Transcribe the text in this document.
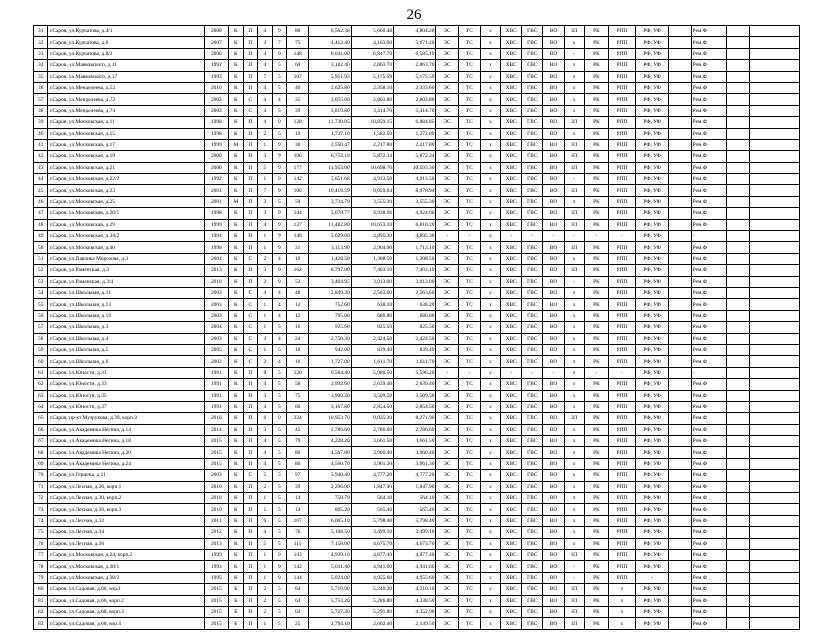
26
31	г.Саров, ул.Курчатова, д.4/1	2008	К	П	4	9	80	6,562.38	5,660.48	4,804.28	ЭС	ТС	х	ХВС	ГВС	ВО	ЗЛ	РК	РПП	РФ, УФ		Рем.Ф		
32	г.Саров, ул.Курчатова, д.6	2007	К	П	3	7	75	4,412.40	4,163.00	3,671.40	ЭС	ТС	х	ХВС	ГВС	ВО	х	РК	РПП	РФ, УФ		Рем.Ф		
33	г.Саров, ул.Курчатова, д.8/2	2008	К	П	4	9	148	8,041.00	6,847.70	6,585.10	ЭС	ТС	х	ХВС	ГВС	ВО	-	РК	РПП	РФ, УФ		Рем.Ф		
34	г.Саров, ул.Маяковского, д.11	1992	К	П	4	5	60	3,182.40	2,863.70	2,863.70	ЭС	ТС	х	ХВС	ГВС	ВО	х	РК	РПП	РФ, УФ		Рем.Ф		
35	г.Саров, ул.Маяковского, д.17	1993	К	П	7	5	107	5,951.93	5,175.59	5,175.59	ЭС	ТС	х	ХВС	ГВС	ВО	х	РК	РПП	РФ, УФ		Рем.Ф		
36	г.Саров, ул.Менделеева, д.52	2010	К	П	4	5	40	2,625.80	2,358.10	2,333.60	ЭС	ТС	х	ХВС	ГВС	ВО	х	РК	РПП	РФ, УФ		Рем.Ф		
37	г.Саров, ул.Менделеева, д.72	2002	К	С	4	4	35	3,055.60	2,803.80	2,803.80	ЭС	ТС	х	ХВС	ГВС	ВО	х	РК	РПП	РФ, УФ		Рем.Ф		
38	г.Саров, ул.Менделеева, д.74	2003	К	С	4	5	39	3,819.80	3,414.70	3,414.70	ЭС	ТС	х	ХВС	ГВС	ВО	х	РК	РПП	РФ, УФ		Рем.Ф		
39	г.Саров, ул.Московская, д.11	1998	К	П	4	9	128	11,730.05	10,859.15	6,884.85	ЭС	ТС	х	ХВС	ГВС	ВО	ЗЛ	РК	РПП	РФ, УФ		Рем.Ф		
40	г.Саров, ул.Московская, д.15	1998	К	П	2	5	19	1,737.10	1,582.50	1,272.80	ЭС	ТС	х	ХВС	ГВС	ВО	х	РК	РПП	РФ, УФ		Рем.Ф		
41	г.Саров, ул.Московская, д.17	1999	М	П	1	9	36	2,550.47	2,217.80	2,217.80	ЭС	ТС	х	ХВС	ГВС	ВО	ЗЛ	РК	РПП	РФ, УФ		Рем.Ф		
42	г.Саров, ул.Московская, д.19	2000	К	П	3	9	106	6,753.19	5,872.34	5,872.34	ЭС	ТС	х	ХВС	ГВС	ВО	ЗЛ	РК	РПП	РФ, УФ		Рем.Ф		
43	г.Саров, ул.Московская, д.21	2000	К	П	5	9	177	11,953.00	10,698.70	10,593.30	ЭС	ТС	х	ХВС	ГВС	ВО	ЗЛ	РК	РПП	РФ, УФ		Рем.Ф		
44	г.Саров, ул.Московская, д.22/2	1992	К	П	1	9	142	5,651.68	4,913.50	4,913.50	ЭС	ТС	х	ХВС	ГВС	ВО	-	РК	РПП	РФ, УФ		Рем.Ф		
45	г.Саров, ул.Московская, д.23	2001	К	П	7	9	106	10,418.59	9,059.64	8,978.94	ЭС	ТС	х	ХВС	ГВС	ВО	ЗЛ	РК	РПП	РФ, УФ		Рем.Ф		
46	г.Саров, ул.Московская, д.25	2001	М	П	3	5	59	3,734.70	3,555.30	3,555.30	ЭС	ТС	х	ХВС	ГВС	ВО	х	РК	РПП	РФ, УФ		Рем.Ф		
47	г.Саров, ул.Московская, д.26/1	1998	К	П	3	9	144	5,678.77	4,938.06	4,924.06	ЭС	ТС	х	ХВС	ГВС	ВО	ЗЛ	РК	РПП	РФ, УФ		Рем.Ф		
48	г.Саров, ул.Московская, д.29	1999	К	П	4	9	127	11,482.80	10,653.10	6,810.20	ЭС	ТС	х	ХВС	ГВС	ВО	ЗЛ	РК	РПП	РФ, УФ		Рем.Ф		
49	г.Саров, ул.Московская, д.34/2	1994	К	П	1	9	148	5,629.60	4,895.30	4,895.30	-	-	х	-	-	-	-	-	-	РФ, УФ		-		
50	г.Саров, ул.Московская, д.40	1998	К	П	1	9	31	3,113.90	2,904.90	1,713.10	ЭС	ТС	х	ХВС	ГВС	ВО	ЗЛ	РК	РПП	РФ, УФ		Рем.Ф		
51	г.Саров, ул.Павлика Морозова, д.3	2004	К	С	2	4	19	1,428.50	1,308.50	1,308.50	ЭС	ТС	х	ХВС	ГВС	ВО	х	РК	РПП	РФ, УФ		Рем.Ф		
52	г.Саров, ул.Раменская, д.3	2013	К	П	3	9	162	8,797.80	7,403.10	7,403.10	ЭС	ТС	х	ХВС	ГВС	ВО	ЗЛ	РК	РПП	РФ, УФ		Рем.Ф		
53	г.Саров, ул.Раменская, д.3/4	2010	К	П	2	9	52	3,464.95	3,013.00	3,013.00	ЭС	ТС	х	ХВС	ГВС	ВО	-	РК	РПП	РФ, УФ		Рем.Ф		
54	г.Саров, ул.Школьная, д.11	2003	К	С	4	4	48	2,849.20	2,563.60	2,563.60	ЭС	ТС	х	ХВС	ГВС	ВО	х	РК	РПП	РФ, УФ		Рем.Ф		
55	г.Саров, ул.Школьная, д.13	2003	К	С	1	4	12	752.60	638.20	638.20	ЭС	ТС	х	ХВС	ГВС	ВО	х	РК	РПП	РФ, УФ		Рем.Ф		
56	г.Саров, ул.Школьная, д.19	2003	К	С	1	4	12	795.00	680.80	680.80	ЭС	ТС	х	ХВС	ГВС	ВО	х	РК	РПП	РФ, УФ		Рем.Ф		
57	г.Саров, ул.Школьная, д.3	2004	К	С	1	5	16	925.60	825.50	825.50	ЭС	ТС	х	ХВС	ГВС	ВО	х	РК	РПП	РФ, УФ		Рем.Ф		
58	г.Саров, ул.Школьная, д.4	2003	К	С	3	4	24	2,750.30	2,424.50	2,424.50	ЭС	ТС	х	ХВС	ГВС	ВО	х	РК	РПП	РФ, УФ		Рем.Ф		
59	г.Саров, ул.Школьная, д.5	2005	К	С	1	5	16	942.00	839.40	839.40	ЭС	ТС	х	ХВС	ГВС	ВО	х	РК	РПП	РФ, УФ		Рем.Ф		
60	г.Саров, ул.Школьная, д.6	2002	К	С	2	4	16	1,727.00	1,611.70	1,611.70	ЭС	ТС	х	ХВС	ГВС	ВО	х	РК	РПП	РФ, УФ		Рем.Ф		
61	г.Саров, ул.Юности, д.31	1991	К	П	8	5	120	6,564.40	5,980.50	5,596.20	-	-	х	-	-	-	х	-	-	РФ, УФ		-		
62	г.Саров, ул.Юности, д.33	1991	К	П	4	5	58	2,932.60	2,639.40	2,639.40	ЭС	ТС	х	ХВС	ГВС	ВО	х	РК	РПП	РФ, УФ		Рем.Ф		
63	г.Саров, ул.Юности, д.35	1991	К	П	3	5	75	3,900.20	3,509.50	3,509.50	ЭС	ТС	х	ХВС	ГВС	ВО	х	РК	РПП	РФ, УФ		Рем.Ф		
64	г.Саров, ул.Юности, д.37	1991	К	П	4	5	60	3,167.80	2,854.50	2,854.50	ЭС	ТС	х	ХВС	ГВС	ВО	х	РК	РПП	РФ, УФ		Рем.Ф		
65	г.Саров, пр-кт Музрукова, д.39, корп.3	2016	К	П	6	9	224	10,953.70	9,035.20	8,271.90	ЭС	ТС	х	ХВС	ГВС	ВО	ЗЛ	РК	РПП	РФ, УФ		Рем.Ф		
66	г.Саров, ул.Академика Негина, д.14	2014	К	П	3	5	45	2,786.60	2,786.60	2,786.60	ЭС	ТС	х	ХВС	ГВС	ВО	х	РК	РПП	РФ, УФ		Рем.Ф		
67	г.Саров, ул.Академика Негина, д.18	2015	К	П	4	5	70	4,228.20	3,661.50	3,661.50	ЭС	ТС	х	ХВС	ГВС	ВО	х	РК	РПП	РФ, УФ		Рем.Ф		
68	г.Саров, ул.Академика Негина, д.20	2015	К	П	4	5	80	4,567.80	3,960.40	3,960.40	ЭС	ТС	х	ХВС	ГВС	ВО	х	РК	РПП	РФ, УФ		Рем.Ф		
69	г.Саров, ул.Академика Негина, д.24	2015	К	П	4	5	80	4,560.70	3,961.30	3,961.30	ЭС	ТС	х	ХВС	ГВС	ВО	х	РК	РПП	РФ, УФ		Рем.Ф		
70	г.Саров, ул.Герцена, д.11	2003	К	С	5	5	97	5,940.40	4,777.20	4,777.20	ЭС	ТС	х	ХВС	ГВС	ВО	х	РК	РПП	РФ, УФ		Рем.Ф		
71	г.Саров, ул.Лесная, д.30, корп.1	2010	К	П	2	5	39	2,296.00	1,847.90	1,847.90	ЭС	ТС	х	ХВС	ГВС	ВО	х	РК	РПП	РФ, УФ		Рем.Ф		
72	г.Саров, ул.Лесная, д.30, корп.2	2010	К	П	1	5	14	758.70	564.10	564.10	ЭС	ТС	х	ХВС	ГВС	ВО	х	РК	РПП	РФ, УФ		Рем.Ф		
73	г.Саров, ул.Лесная, д.30, корп.3	2010	К	П	1	5	14	805.20	565.40	565.40	ЭС	ТС	х	ХВС	ГВС	ВО	х	РК	РПП	РФ, УФ		Рем.Ф		
74	г.Саров, ул.Лесная, д.32	2011	К	П	6	5	107	6,065.10	5,798.40	5,798.40	ЭС	ТС	х	ХВС	ГВС	ВО	х	РК	РПП	РФ, УФ		Рем.Ф		
75	г.Саров, ул.Лесная, д.34	2012	К	П	4	5	76	5,108.50	3,499.10	3,499.10	ЭС	ТС	х	ХВС	ГВС	ВО	х	РК	РПП	РФ, УФ		Рем.Ф		
76	г.Саров, ул.Лесная, д.36	2013	К	П	5	5	115	7,158.00	4,675.70	4,675.70	ЭС	ТС	х	ХВС	ГВС	ВО	х	РК	РПП	РФ, УФ		Рем.Ф		
77	г.Саров, ул.Московская, д.24, корп.2	1999	К	П	1	9	143	4,939.10	4,877.40	4,877.40	ЭС	ТС	х	ХВС	ГВС	ВО	ЗЛ	РК	РПП	РФ, УФ		Рем.Ф		
78	г.Саров, ул.Московская, д.38/1	1993	К	П	1	9	142	5,011.40	4,941.60	4,941.60	ЭС	ТС	х	ХВС	ГВС	ВО	-	РК	РПП	РФ, УФ		Рем.Ф		
79	г.Саров, ул.Московская, д.38/2	1995	К	П	1	9	144	5,024.00	4,955.60	4,955.60	ЭС	ТС	х	ХВС	ГВС	ВО	-	РК	РПП	-		Рем.Ф		
80	г.Саров, ул.Садовая, д.66, кор.1	2015	Б	П	2	5	64	5,710.90	5,240.30	4,310.10	ЭС	ТС	х	ХВС	ГВС	ВО	ЗЛ	РК	х	РФ, УФ		Рем.Ф		
81	г.Саров, ул.Садовая, д.66, корп.2	2015	Б	П	2	5	64	5,753.20	5,286.80	4,338.50	ЭС	ТС	х	ХВС	ГВС	ВО	ЗЛ	РК	х	РФ, УФ		Рем.Ф		
82	г.Саров, ул.Садовая, д.68, корп.3	2015	Б	П	2	5	64	5,737.30	5,291.80	4,352.90	ЭС	ТС	х	ХВС	ГВС	ВО	ЗЛ	РК	х	РФ, УФ		Рем.Ф		
83	г.Саров, ул.Садовая, д.68, кор.4	2015	Б	П	1	5	25	2,794.10	2,602.40	2,149.50	ЭС	ТС	х	ХВС	ГВС	ВО	ЗЛ	РК	х	РФ, УФ		Рем.Ф		
